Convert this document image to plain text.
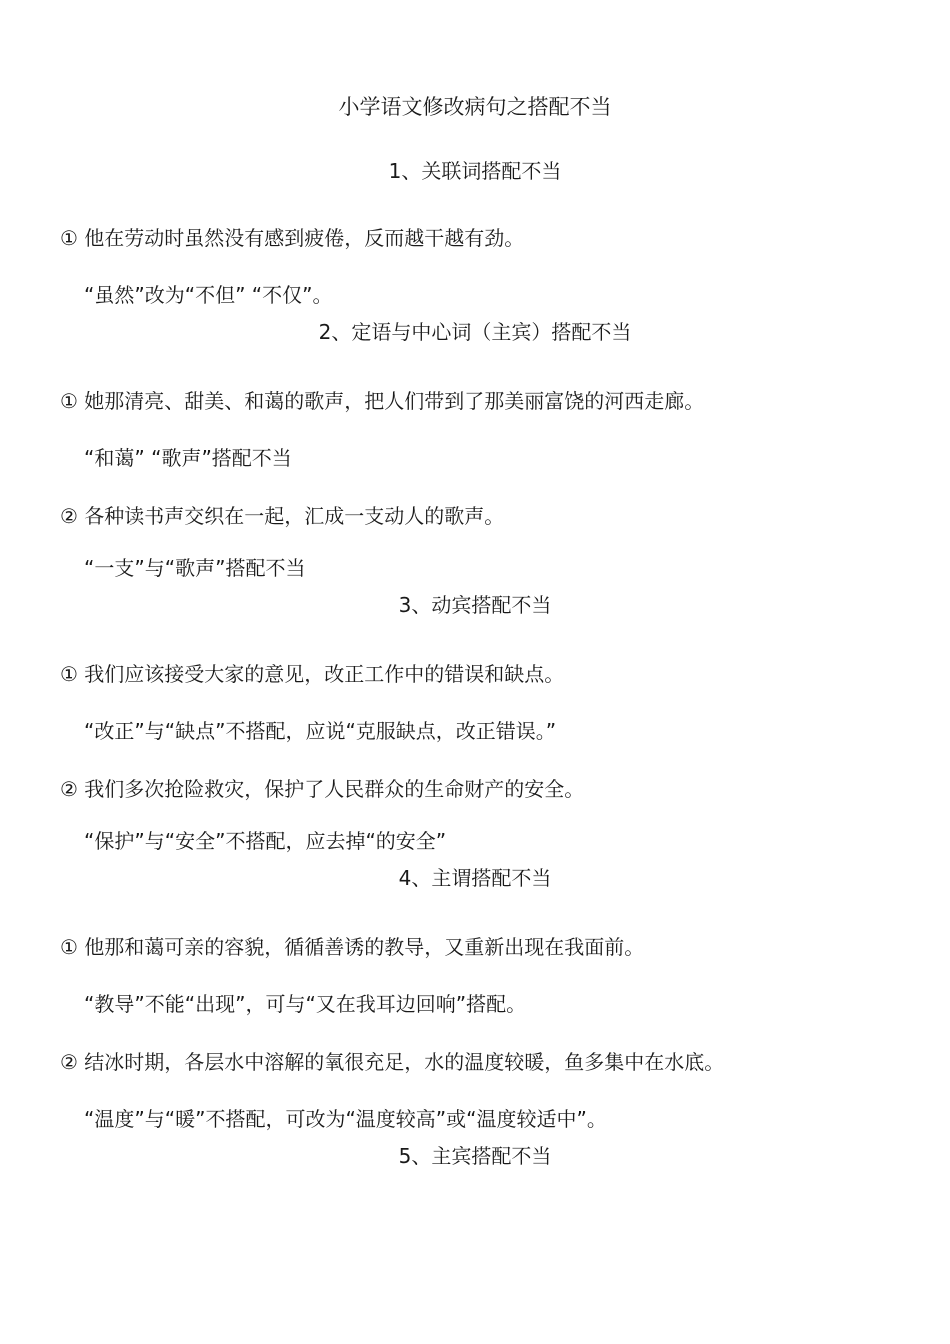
小学语文修改病句之搭配不当
1、关联词搭配不当
① 他在劳动时虽然没有感到疲倦，反而越干越有劲。
“虽然”改为“不但” “不仅”。
2、定语与中心词（主宾）搭配不当
① 她那清亮、甜美、和蔼的歌声，把人们带到了那美丽富饶的河西走廊。
“和蔼” “歌声”搭配不当
② 各种读书声交织在一起，汇成一支动人的歌声。
“一支”与“歌声”搭配不当
3、动宾搭配不当
① 我们应该接受大家的意见，改正工作中的错误和缺点。
“改正”与“缺点”不搭配，应说“克服缺点，改正错误。”
② 我们多次抢险救灾，保护了人民群众的生命财产的安全。
“保护”与“安全”不搭配，应去掉“的安全”
4、主谓搭配不当
① 他那和蔼可亲的容貌，循循善诱的教导，又重新出现在我面前。
“教导”不能“出现”，可与“又在我耳边回响”搭配。
② 结冰时期，各层水中溶解的氧很充足，水的温度较暖，鱼多集中在水底。
“温度”与“暖”不搭配，可改为“温度较高”或“温度较适中”。
5、主宾搭配不当
